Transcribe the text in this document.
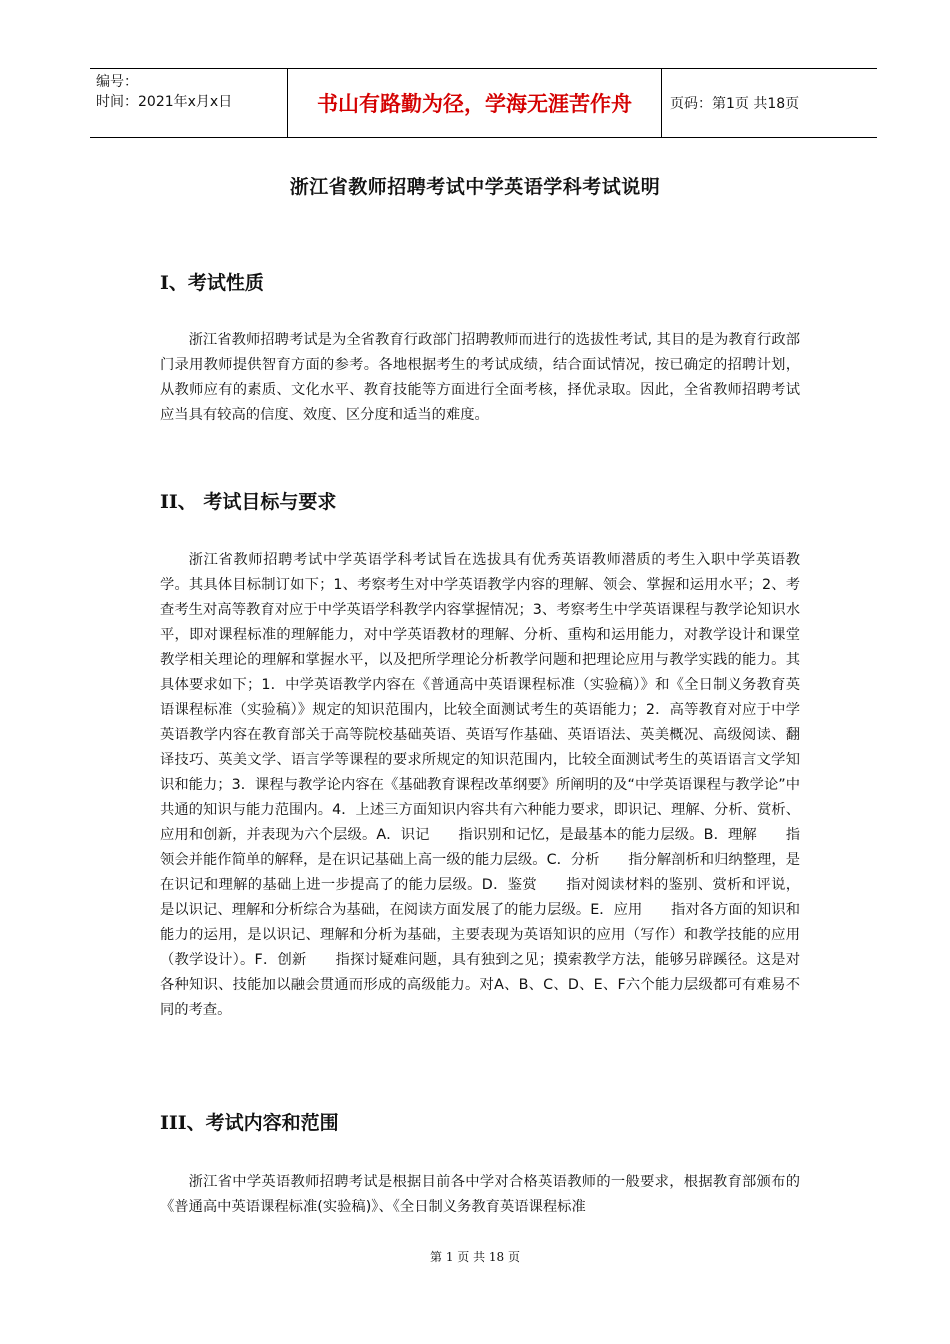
编号：
时间：2021年x月x日	书山有路勤为径，学海无涯苦作舟	页码：第1页 共18页
浙江省教师招聘考试中学英语学科考试说明
Ⅰ、考试性质

浙江省教师招聘考试是为全省教育行政部门招聘教师而进行的选拔性考试, 其目的是为教育行政部门录用教师提供智育方面的参考。各地根据考生的考试成绩，结合面试情况，按已确定的招聘计划，从教师应有的素质、文化水平、教育技能等方面进行全面考核，择优录取。因此，全省教师招聘考试应当具有较高的信度、效度、区分度和适当的难度。

II、 考试目标与要求

浙江省教师招聘考试中学英语学科考试旨在选拔具有优秀英语教师潜质的考生入职中学英语教学。其具体目标制订如下；1、考察考生对中学英语教学内容的理解、领会、掌握和运用水平；2、考查考生对高等教育对应于中学英语学科教学内容掌握情况；3、考察考生中学英语课程与教学论知识水平，即对课程标准的理解能力，对中学英语教材的理解、分析、重构和运用能力，对教学设计和课堂教学相关理论的理解和掌握水平，以及把所学理论分析教学问题和把理论应用与教学实践的能力。其具体要求如下；1．中学英语教学内容在《普通高中英语课程标准（实验稿）》和《全日制义务教育英语课程标准（实验稿）》规定的知识范围内，比较全面测试考生的英语能力；2．高等教育对应于中学英语教学内容在教育部关于高等院校基础英语、英语写作基础、英语语法、英美概况、高级阅读、翻译技巧、英美文学、语言学等课程的要求所规定的知识范围内，比较全面测试考生的英语语言文学知识和能力；3．课程与教学论内容在《基础教育课程改革纲要》所阐明的及“中学英语课程与教学论”中共通的知识与能力范围内。4．上述三方面知识内容共有六种能力要求，即识记、理解、分析、赏析、应用和创新，并表现为六个层级。A．识记　　指识别和记忆，是最基本的能力层级。B．理解　　指领会并能作简单的解释，是在识记基础上高一级的能力层级。C．分析　　指分解剖析和归纳整理，是在识记和理解的基础上进一步提高了的能力层级。D．鉴赏　　指对阅读材料的鉴别、赏析和评说，是以识记、理解和分析综合为基础，在阅读方面发展了的能力层级。E．应用　　指对各方面的知识和能力的运用，是以识记、理解和分析为基础，主要表现为英语知识的应用（写作）和教学技能的应用（教学设计）。F．创新　　指探讨疑难问题，具有独到之见；摸索教学方法，能够另辟蹊径。这是对各种知识、技能加以融会贯通而形成的高级能力。对A、B、C、D、E、F六个能力层级都可有难易不同的考查。

III、考试内容和范围

浙江省中学英语教师招聘考试是根据目前各中学对合格英语教师的一般要求，根据教育部颁布的《普通高中英语课程标准(实验稿)》、《全日制义务教育英语课程标准

第 1 页 共 18 页
